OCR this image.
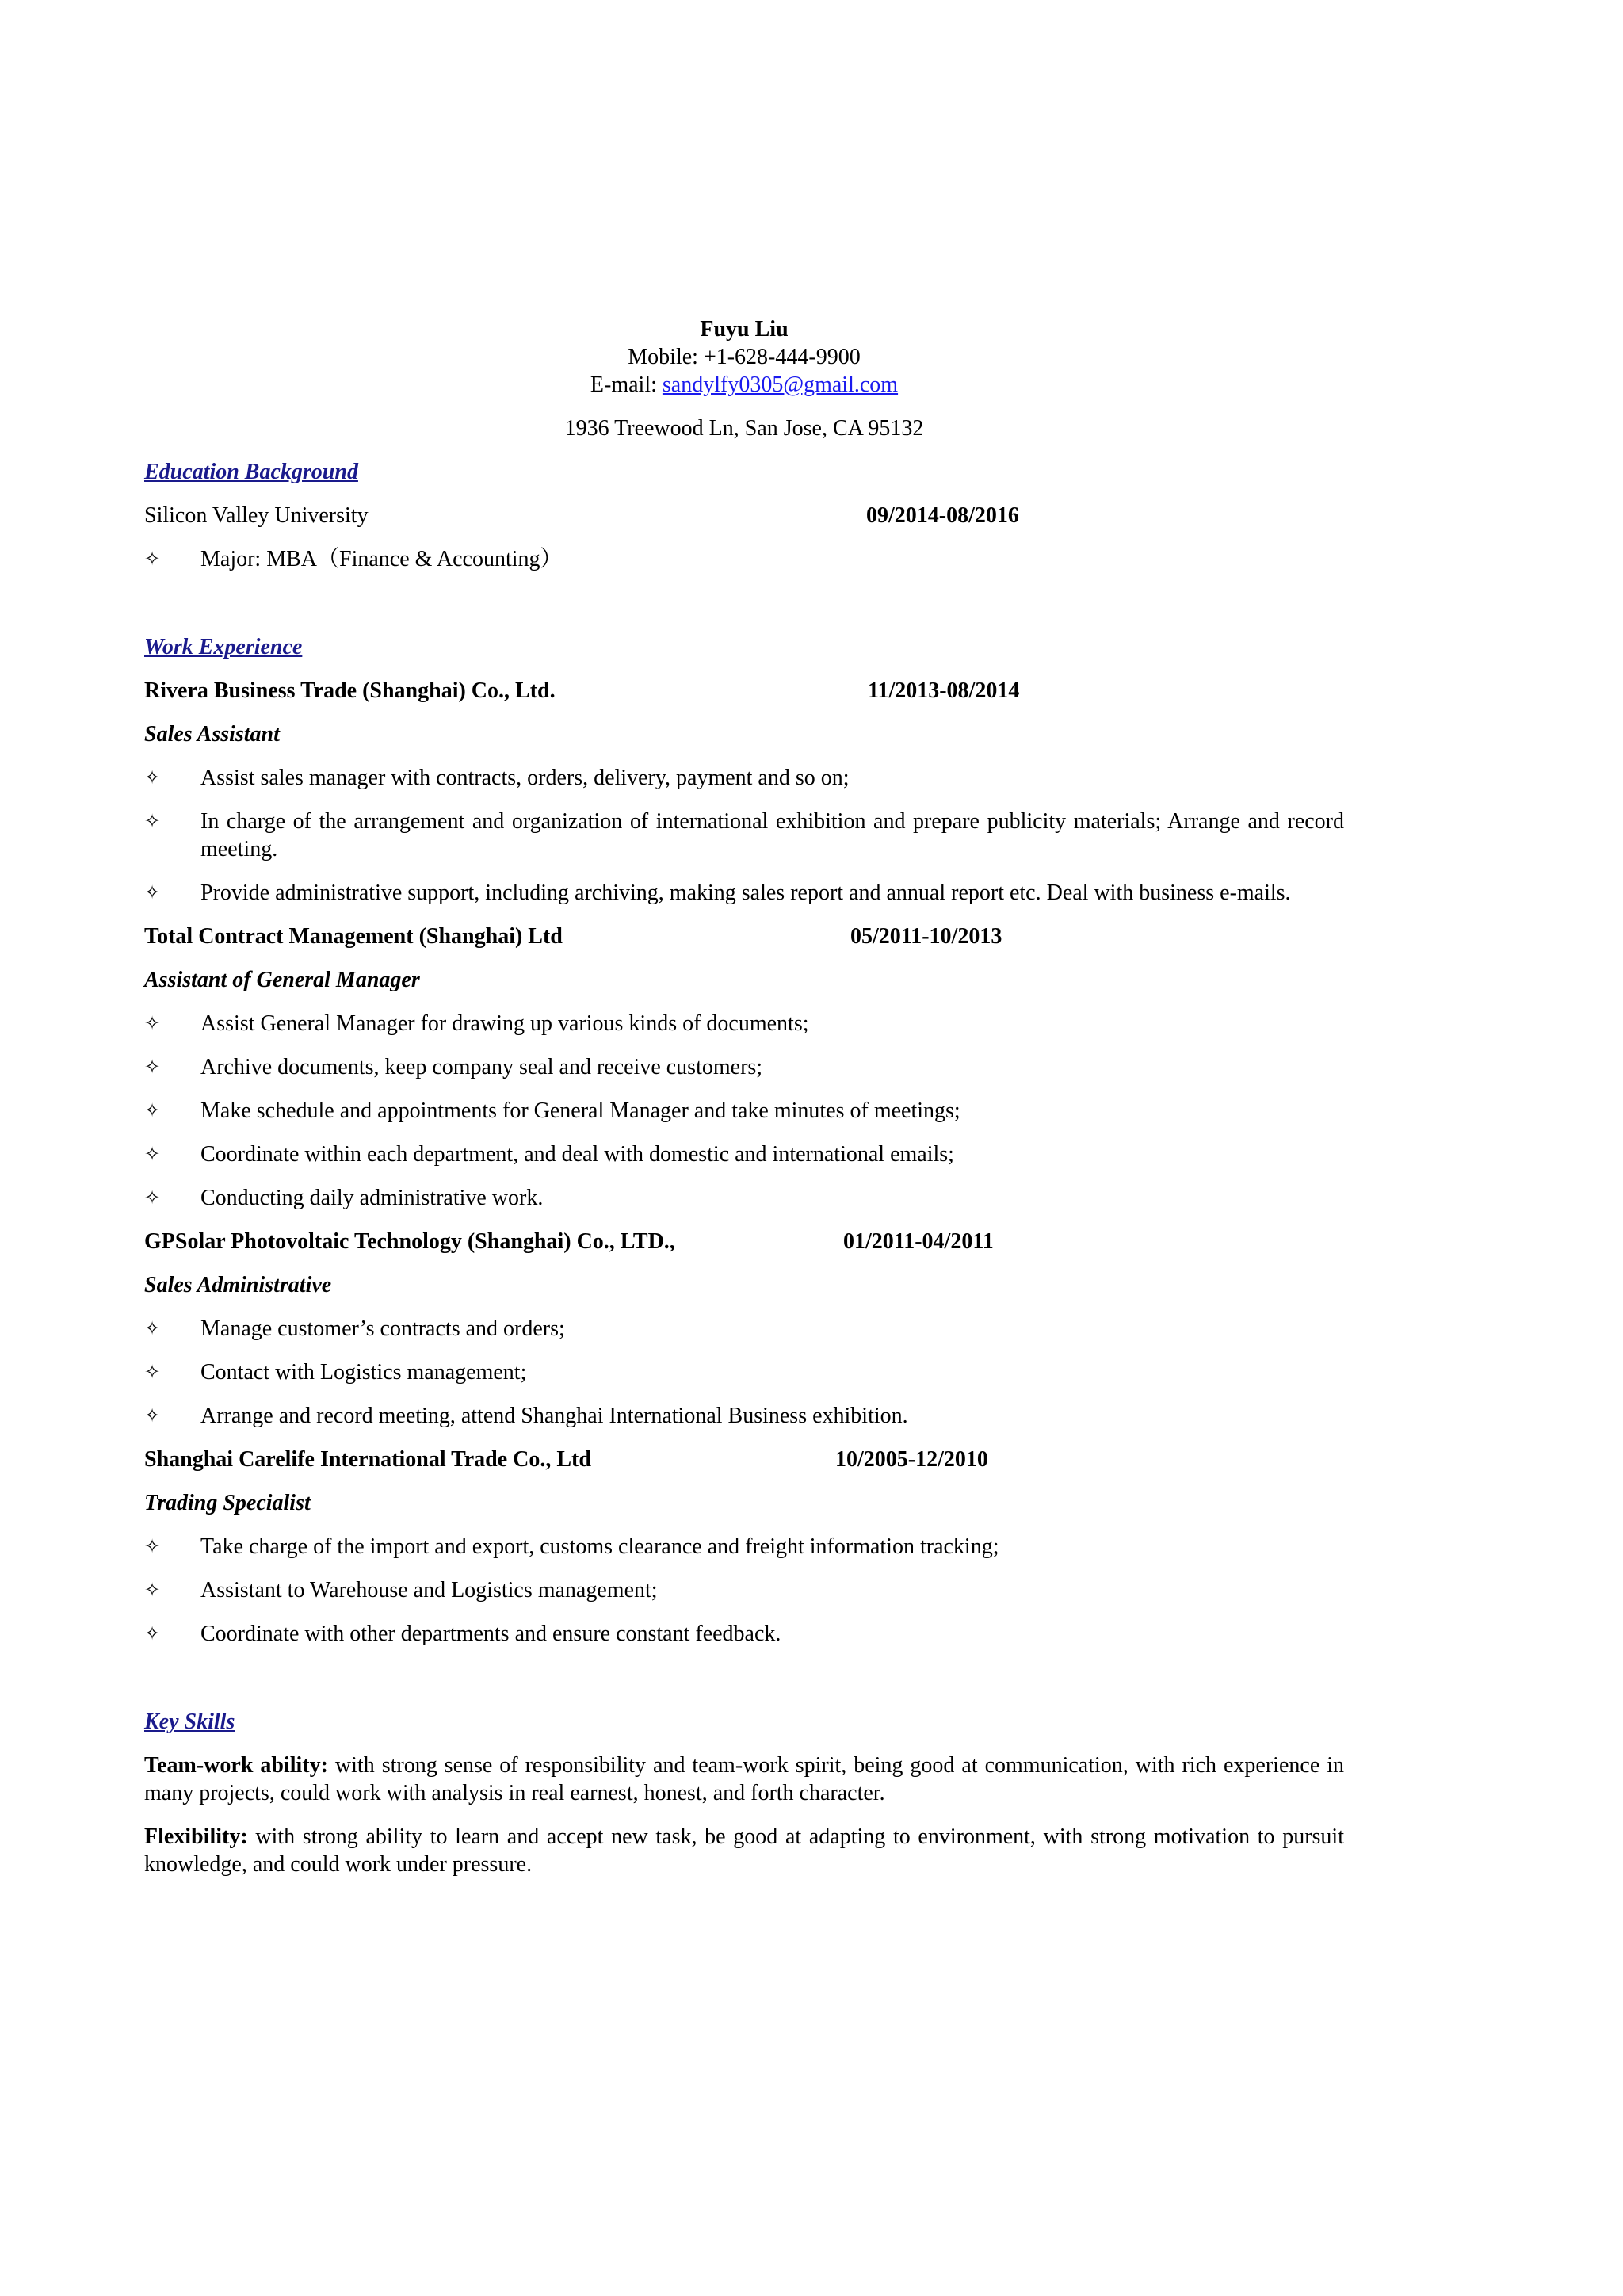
Fuyu Liu
Mobile: +1-628-444-9900
E-mail: sandylfy0305@gmail.com
1936 Treewood Ln, San Jose, CA 95132
Education Background
Silicon Valley University	09/2014-08/2016
✧ Major: MBA（Finance & Accounting）
Work Experience
Rivera Business Trade (Shanghai) Co., Ltd.	11/2013-08/2014
Sales Assistant
✧ Assist sales manager with contracts, orders, delivery, payment and so on;
✧ In charge of the arrangement and organization of international exhibition and prepare publicity materials; Arrange and record meeting.
✧ Provide administrative support, including archiving, making sales report and annual report etc. Deal with business e-mails.
Total Contract Management (Shanghai) Ltd	05/2011-10/2013
Assistant of General Manager
✧ Assist General Manager for drawing up various kinds of documents;
✧ Archive documents, keep company seal and receive customers;
✧ Make schedule and appointments for General Manager and take minutes of meetings;
✧ Coordinate within each department, and deal with domestic and international emails;
✧ Conducting daily administrative work.
GPSolar Photovoltaic Technology (Shanghai) Co., LTD.,	01/2011-04/2011
Sales Administrative
✧ Manage customer’s contracts and orders;
✧ Contact with Logistics management;
✧ Arrange and record meeting, attend Shanghai International Business exhibition.
Shanghai Carelife International Trade Co., Ltd	10/2005-12/2010
Trading Specialist
✧ Take charge of the import and export, customs clearance and freight information tracking;
✧ Assistant to Warehouse and Logistics management;
✧ Coordinate with other departments and ensure constant feedback.
Key Skills
Team-work ability: with strong sense of responsibility and team-work spirit, being good at communication, with rich experience in many projects, could work with analysis in real earnest, honest, and forth character.
Flexibility: with strong ability to learn and accept new task, be good at adapting to environment, with strong motivation to pursuit knowledge, and could work under pressure.
